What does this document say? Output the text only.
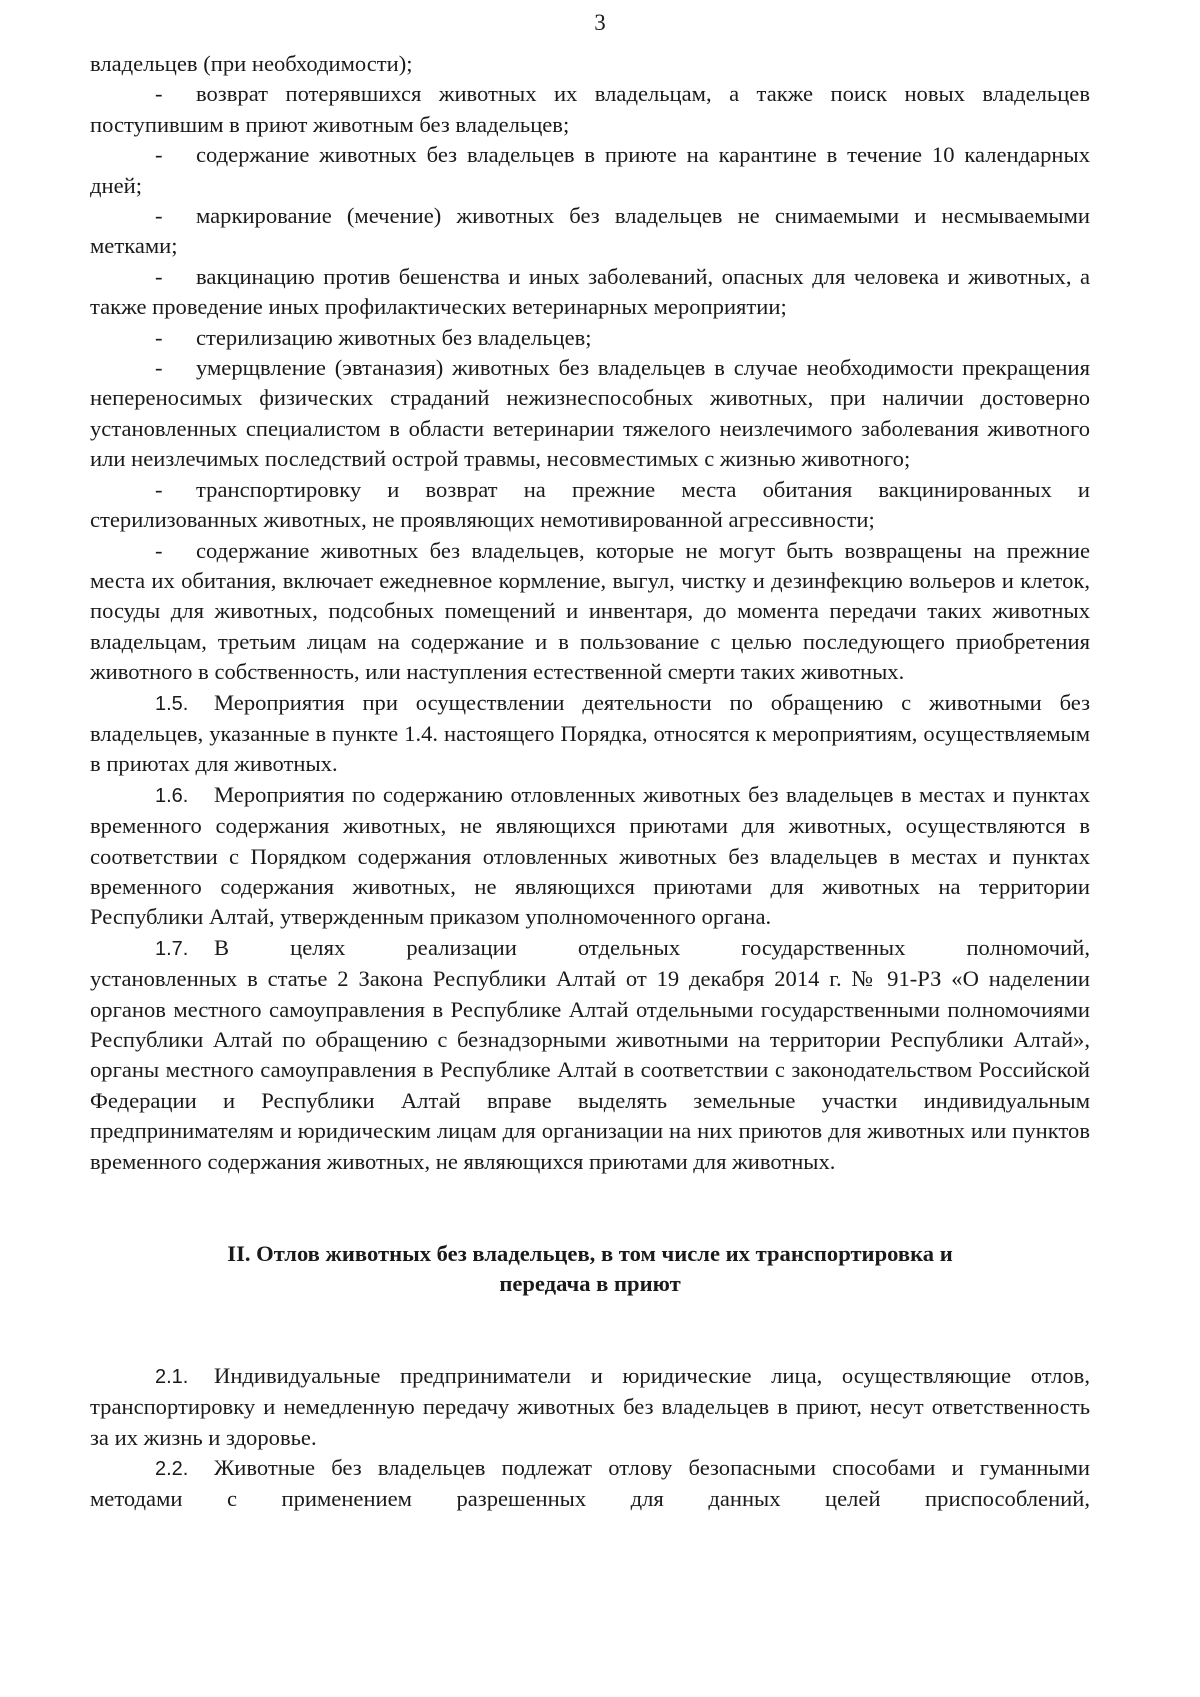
3

владельцев (при необходимости);

- возврат потерявшихся животных их владельцам, а также поиск новых владельцев поступившим в приют животным без владельцев;

- содержание животных без владельцев в приюте на карантине в течение 10 календарных дней;

- маркирование (мечение) животных без владельцев не снимаемыми и несмываемыми метками;

- вакцинацию против бешенства и иных заболеваний, опасных для человека и животных, а также проведение иных профилактических ветеринарных мероприятии;

- стерилизацию животных без владельцев;

- умерщвление (эвтаназия) животных без владельцев в случае необходимости прекращения непереносимых физических страданий нежизнеспособных животных, при наличии достоверно установленных специалистом в области ветеринарии тяжелого неизлечимого заболевания животного или неизлечимых последствий острой травмы, несовместимых с жизнью животного;

- транспортировку и возврат на прежние места обитания вакцинированных и стерилизованных животных, не проявляющих немотивированной агрессивности;

- содержание животных без владельцев, которые не могут быть возвращены на прежние места их обитания, включает ежедневное кормление, выгул, чистку и дезинфекцию вольеров и клеток, посуды для животных, подсобных помещений и инвентаря, до момента передачи таких животных владельцам, третьим лицам на содержание и в пользование с целью последующего приобретения животного в собственность, или наступления естественной смерти таких животных.

1.5. Мероприятия при осуществлении деятельности по обращению с животными без владельцев, указанные в пункте 1.4. настоящего Порядка, относятся к мероприятиям, осуществляемым в приютах для животных.

1.6. Мероприятия по содержанию отловленных животных без владельцев в местах и пунктах временного содержания животных, не являющихся приютами для животных, осуществляются в соответствии с Порядком содержания отловленных животных без владельцев в местах и пунктах временного содержания животных, не являющихся приютами для животных на территории Республики Алтай, утвержденным приказом уполномоченного органа.

1.7. В целях реализации отдельных государственных полномочий,

установленных в статье 2 Закона Республики Алтай от 19 декабря 2014 г. № 91-РЗ «О наделении органов местного самоуправления в Республике Алтай отдельными государственными полномочиями Республики Алтай по обращению с безнадзорными животными на территории Республики Алтай», органы местного самоуправления в Республике Алтай в соответствии с законодательством Российской Федерации и Республики Алтай вправе выделять земельные участки индивидуальным предпринимателям и юридическим лицам для организации на них приютов для животных или пунктов временного содержания животных, не являющихся приютами для животных.

II. Отлов животных без владельцев, в том числе их транспортировка и
передача в приют

2.1. Индивидуальные предприниматели и юридические лица, осуществляющие отлов, транспортировку и немедленную передачу животных без владельцев в приют, несут ответственность за их жизнь и здоровье.

2.2. Животные без владельцев подлежат отлову безопасными способами и гуманными методами с применением разрешенных для данных целей приспособлений,
